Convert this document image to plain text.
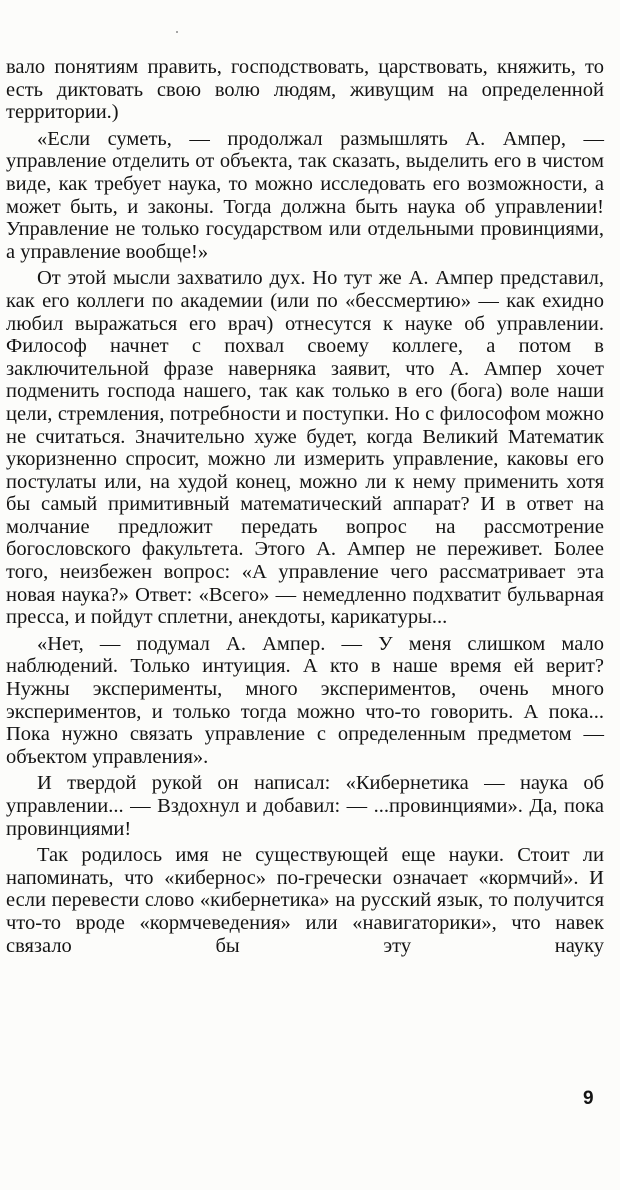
вало понятиям править, господствовать, царствовать, княжить, то есть диктовать свою волю людям, живущим на определенной территории.)

«Если суметь, — продолжал размышлять А. Ампер, — управление отделить от объекта, так сказать, выделить его в чистом виде, как требует наука, то можно исследовать его возможности, а может быть, и законы. Тогда должна быть наука об управлении! Управление не только государством или отдельными провинциями, а управление вообще!»

От этой мысли захватило дух. Но тут же А. Ампер представил, как его коллеги по академии (или по «бессмертию» — как ехидно любил выражаться его врач) отнесутся к науке об управлении. Философ начнет с похвал своему коллеге, а потом в заключительной фразе наверняка заявит, что А. Ампер хочет подменить господа нашего, так как только в его (бога) воле наши цели, стремления, потребности и поступки. Но с философом можно не считаться. Значительно хуже будет, когда Великий Математик укоризненно спросит, можно ли измерить управление, каковы его постулаты или, на худой конец, можно ли к нему применить хотя бы самый примитивный математический аппарат? И в ответ на молчание предложит передать вопрос на рассмотрение богословского факультета. Этого А. Ампер не переживет. Более того, неизбежен вопрос: «А управление чего рассматривает эта новая наука?» Ответ: «Всего» — немедленно подхватит бульварная пресса, и пойдут сплетни, анекдоты, карикатуры...

«Нет, — подумал А. Ампер. — У меня слишком мало наблюдений. Только интуиция. А кто в наше время ей верит? Нужны эксперименты, много экспериментов, очень много экспериментов, и только тогда можно что-то говорить. А пока... Пока нужно связать управление с определенным предметом — объектом управления».

И твердой рукой он написал: «Кибернетика — наука об управлении... — Вздохнул и добавил: — ...провинциями». Да, пока провинциями!

Так родилось имя не существующей еще науки. Стоит ли напоминать, что «кибернос» по-гречески означает «кормчий». И если перевести слово «кибернетика» на русский язык, то получится что-то вроде «кормчеведения» или «навигаторики», что навек связало бы эту науку

9
